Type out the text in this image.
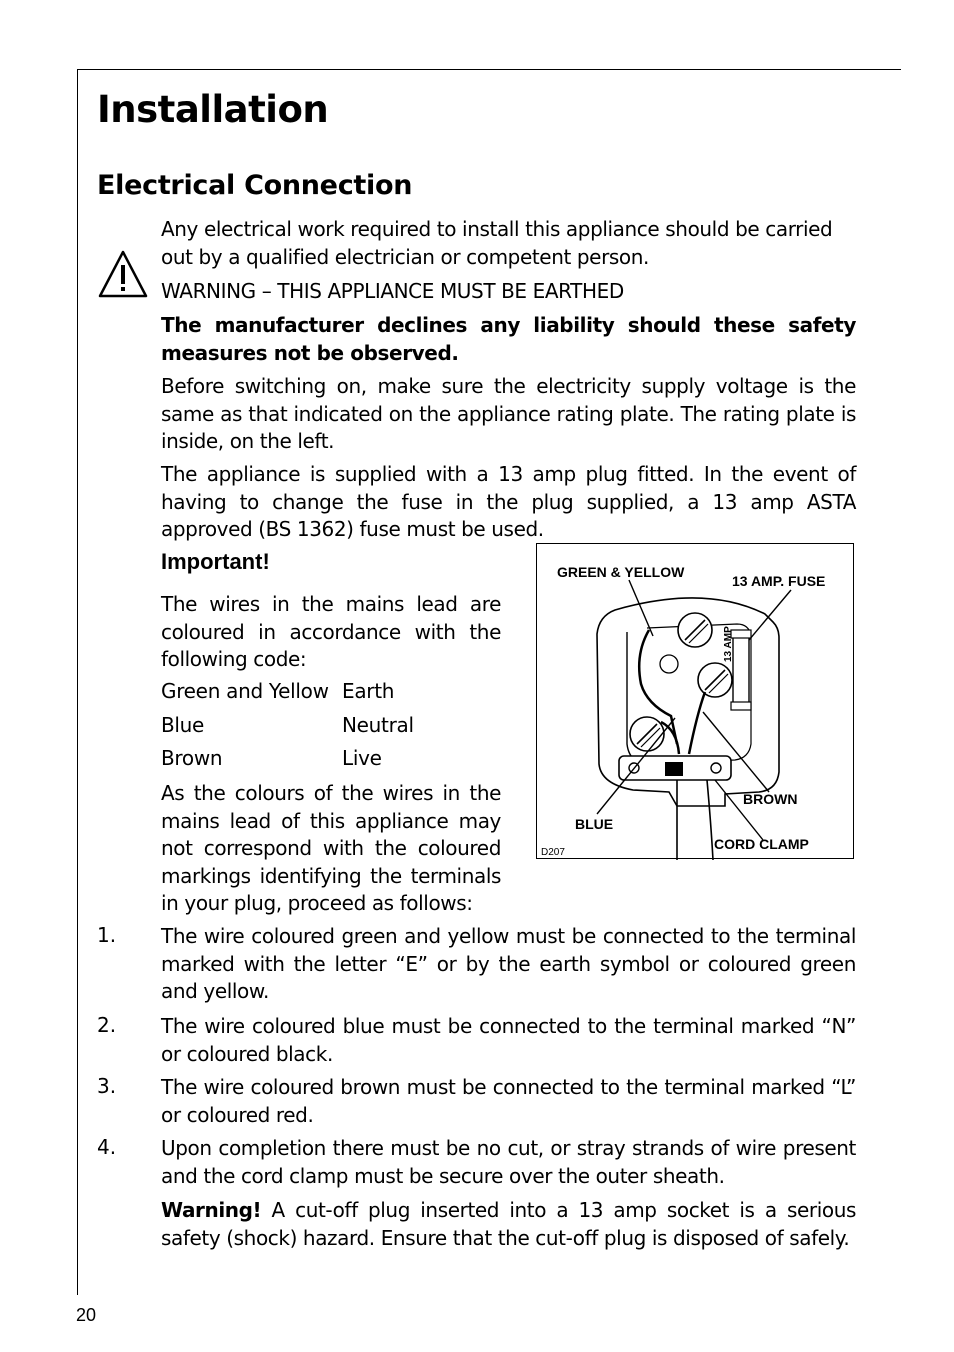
Installation
Electrical Connection

Any electrical work required to install this appliance should be carried out by a qualified electrician or competent person.

WARNING – THIS APPLIANCE MUST BE EARTHED

The manufacturer declines any liability should these safety measures not be observed.

Before switching on, make sure the electricity supply voltage is the same as that indicated on the appliance rating plate. The rating plate is inside, on the left.

The appliance is supplied with a 13 amp plug fitted. In the event of having to change the fuse in the plug supplied, a 13 amp ASTA approved (BS 1362) fuse must be used.

Important!

The wires in the mains lead are coloured in accordance with the following code:

Green and Yellow Earth
Blue	Neutral
Brown	Live

As the colours of the wires in the mains lead of this appliance may not correspond with the coloured markings identifying the terminals in your plug, proceed as follows:

GREEN & YELLOW
13 AMP. FUSE
13 AMP
BROWN
BLUE
CORD CLAMP
D207
1. The wire coloured green and yellow must be connected to the terminal marked with the letter “E” or by the earth symbol or coloured green and yellow.

2. The wire coloured blue must be connected to the terminal marked “N” or coloured black.

3. The wire coloured brown must be connected to the terminal marked “L” or coloured red.

4. Upon completion there must be no cut, or stray strands of wire present and the cord clamp must be secure over the outer sheath.

Warning! A cut-off plug inserted into a 13 amp socket is a serious safety (shock) hazard. Ensure that the cut-off plug is disposed of safely.

20
